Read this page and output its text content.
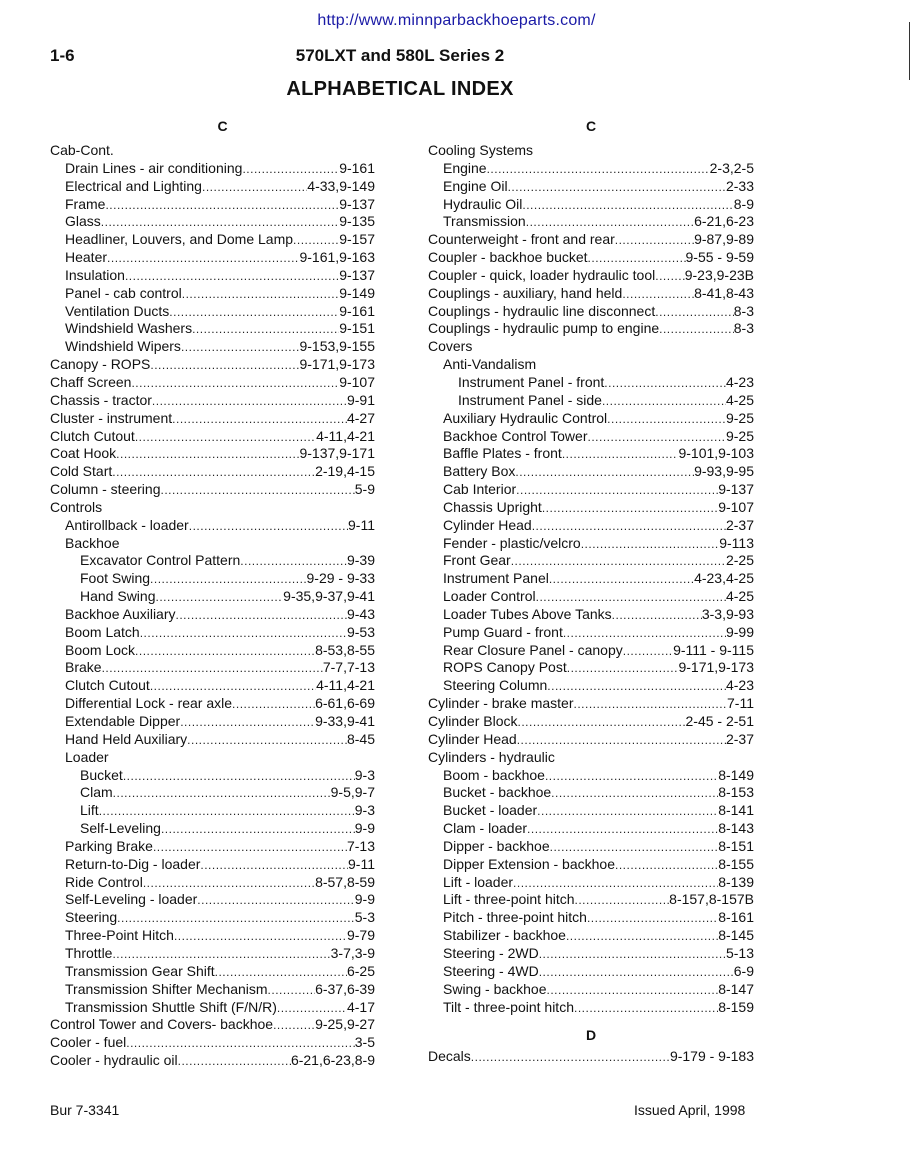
http://www.minnparbackhoeparts.com/
1-6	570LXT and 580L Series 2
ALPHABETICAL INDEX
C
Cab-Cont.
Drain Lines - air conditioning .....	9-161
Electrical and Lighting .....	4-33,9-149
Frame .....	9-137
Glass .....	9-135
Headliner, Louvers, and Dome Lamp .....	9-157
Heater .....	9-161,9-163
Insulation .....	9-137
Panel - cab control .....	9-149
Ventilation Ducts .....	9-161
Windshield Washers .....	9-151
Windshield Wipers .....	9-153,9-155
Canopy - ROPS .....	9-171,9-173
Chaff Screen .....	9-107
Chassis - tractor .....	9-91
Cluster - instrument .....	4-27
Clutch Cutout .....	4-11,4-21
Coat Hook .....	9-137,9-171
Cold Start .....	2-19,4-15
Column - steering .....	5-9
Controls
Antirollback - loader .....	9-11
Backhoe
Excavator Control Pattern .....	9-39
Foot Swing .....	9-29 - 9-33
Hand Swing .....	9-35,9-37,9-41
Backhoe Auxiliary .....	9-43
Boom Latch .....	9-53
Boom Lock .....	8-53,8-55
Brake .....	7-7,7-13
Clutch Cutout .....	4-11,4-21
Differential Lock - rear axle .....	6-61,6-69
Extendable Dipper .....	9-33,9-41
Hand Held Auxiliary .....	8-45
Loader
Bucket .....	9-3
Clam .....	9-5,9-7
Lift .....	9-3
Self-Leveling .....	9-9
Parking Brake .....	7-13
Return-to-Dig - loader .....	9-11
Ride Control .....	8-57,8-59
Self-Leveling - loader .....	9-9
Steering .....	5-3
Three-Point Hitch .....	9-79
Throttle .....	3-7,3-9
Transmission Gear Shift .....	6-25
Transmission Shifter Mechanism .....	6-37,6-39
Transmission Shuttle Shift (F/N/R) .....	4-17
Control Tower and Covers- backhoe .....	9-25,9-27
Cooler - fuel .....	3-5
Cooler - hydraulic oil .....	6-21,6-23,8-9
C
Cooling Systems
Engine .....	2-3,2-5
Engine Oil .....	2-33
Hydraulic Oil .....	8-9
Transmission .....	6-21,6-23
Counterweight - front and rear .....	9-87,9-89
Coupler - backhoe bucket .....	9-55 - 9-59
Coupler - quick, loader hydraulic tool ..... 9-23,9-23B
Couplings - auxiliary, hand held .....	8-41,8-43
Couplings - hydraulic line disconnect .....	8-3
Couplings - hydraulic pump to engine .....	8-3
Covers
Anti-Vandalism
Instrument Panel - front .....	4-23
Instrument Panel - side .....	4-25
Auxiliary Hydraulic Control .....	9-25
Backhoe Control Tower .....	9-25
Baffle Plates - front .....	9-101,9-103
Battery Box .....	9-93,9-95
Cab Interior .....	9-137
Chassis Upright .....	9-107
Cylinder Head .....	2-37
Fender - plastic/velcro .....	9-113
Front Gear .....	2-25
Instrument Panel .....	4-23,4-25
Loader Control .....	4-25
Loader Tubes Above Tanks .....	3-3,9-93
Pump Guard - front .....	9-99
Rear Closure Panel - canopy .....	9-111 - 9-115
ROPS Canopy Post .....	9-171,9-173
Steering Column .....	4-23
Cylinder - brake master .....	7-11
Cylinder Block .....	2-45 - 2-51
Cylinder Head .....	2-37
Cylinders - hydraulic
Boom - backhoe .....	8-149
Bucket - backhoe .....	8-153
Bucket - loader .....	8-141
Clam - loader .....	8-143
Dipper - backhoe .....	8-151
Dipper Extension - backhoe .....	8-155
Lift - loader .....	8-139
Lift - three-point hitch .....	8-157,8-157B
Pitch - three-point hitch .....	8-161
Stabilizer - backhoe .....	8-145
Steering - 2WD .....	5-13
Steering - 4WD .....	6-9
Swing - backhoe .....	8-147
Tilt - three-point hitch .....	8-159
D
Decals .....	9-179 - 9-183
Bur 7-3341	Issued April, 1998
